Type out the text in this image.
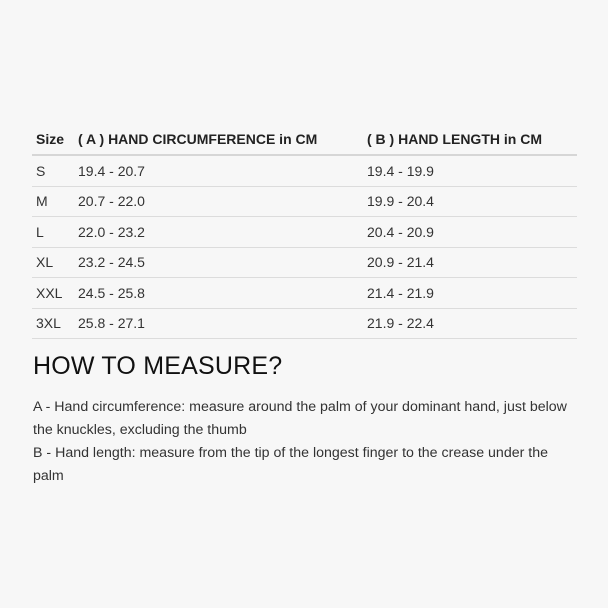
Size	( A ) HAND CIRCUMFERENCE in CM	( B ) HAND LENGTH in CM
S	19.4 - 20.7	19.4 - 19.9
M	20.7 - 22.0	19.9 - 20.4
L	22.0 - 23.2	20.4 - 20.9
XL	23.2 - 24.5	20.9 - 21.4
XXL	24.5 - 25.8	21.4 - 21.9
3XL	25.8 - 27.1	21.9 - 22.4
HOW TO MEASURE?

A - Hand circumference: measure around the palm of your dominant hand, just below the knuckles, excluding the thumb

B - Hand length: measure from the tip of the longest finger to the crease under the palm
